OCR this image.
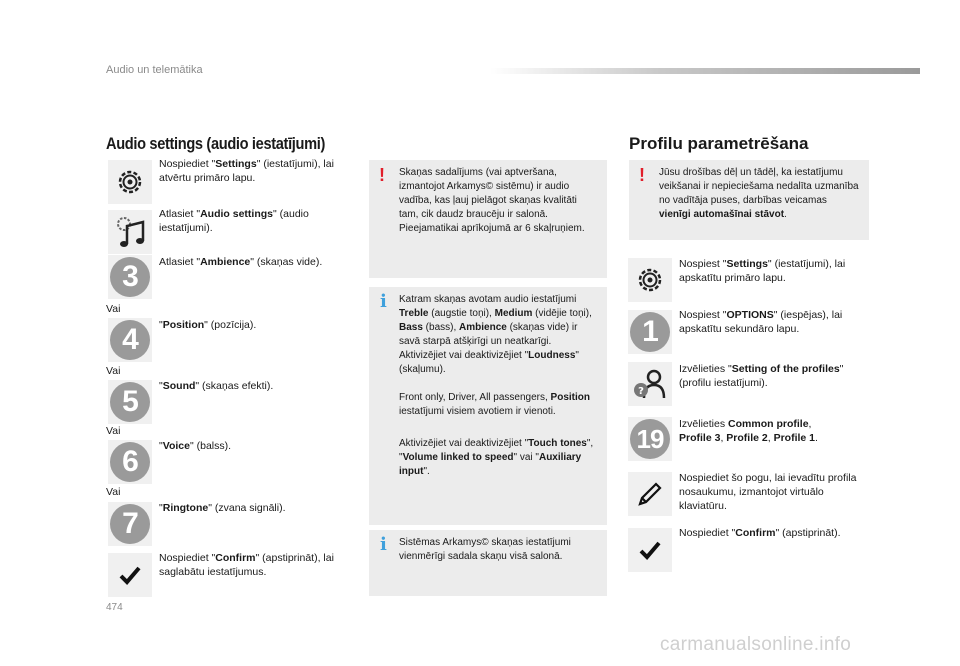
Audio un telemātika
Audio settings (audio iestatījumi)
Nospiediet "Settings" (iestatījumi), lai atvērtu primāro lapu.
Atlasiet "Audio settings" (audio iestatījumi).
3	Atlasiet "Ambience" (skaņas vide).
Vai
4	"Position" (pozīcija).
Vai
5	"Sound" (skaņas efekti).
Vai
6	"Voice" (balss).
Vai
7	"Ringtone" (zvana signāli).
Nospiediet "Confirm" (apstiprināt), lai saglabātu iestatījumus.
! Skaņas sadalījums (vai aptveršana, izmantojot Arkamys© sistēmu) ir audio vadība, kas ļauj pielāgot skaņas kvalitāti tam, cik daudz braucēju ir salonā. Pieejamatikai aprīkojumā ar 6 skaļruņiem.
i Katram skaņas avotam audio iestatījumi Treble (augstie toņi), Medium (vidējie toņi), Bass (bass), Ambience (skaņas vide) ir savā starpā atšķirīgi un neatkarīgi. Aktivizējiet vai deaktivizējiet "Loudness" (skaļumu).

Front only, Driver, All passengers, Position iestatījumi visiem avotiem ir vienoti.

Aktivizējiet vai deaktivizējiet "Touch tones", "Volume linked to speed" vai "Auxiliary input".

i Sistēmas Arkamys© skaņas iestatījumi vienmērīgi sadala skaņu visā salonā.
Profilu parametrēšana
! Jūsu drošības dēļ un tādēļ, ka iestatījumu veikšanai ir nepieciešama nedalīta uzmanība no vadītāja puses, darbības veicamas vienīgi automašīnai stāvot.
Nospiest "Settings" (iestatījumi), lai apskatītu primāro lapu.
1	Nospiest "OPTIONS" (iespējas), lai apskatītu sekundāro lapu.
?
Izvēlieties "Setting of the profiles" (profilu iestatījumi).
19	Izvēlieties Common profile,
Profile 3, Profile 2, Profile 1.
Nospiediet šo pogu, lai ievadītu profila nosaukumu, izmantojot virtuālo klaviatūru.
Nospiediet "Confirm" (apstiprināt).
474
carmanualsonline.info
